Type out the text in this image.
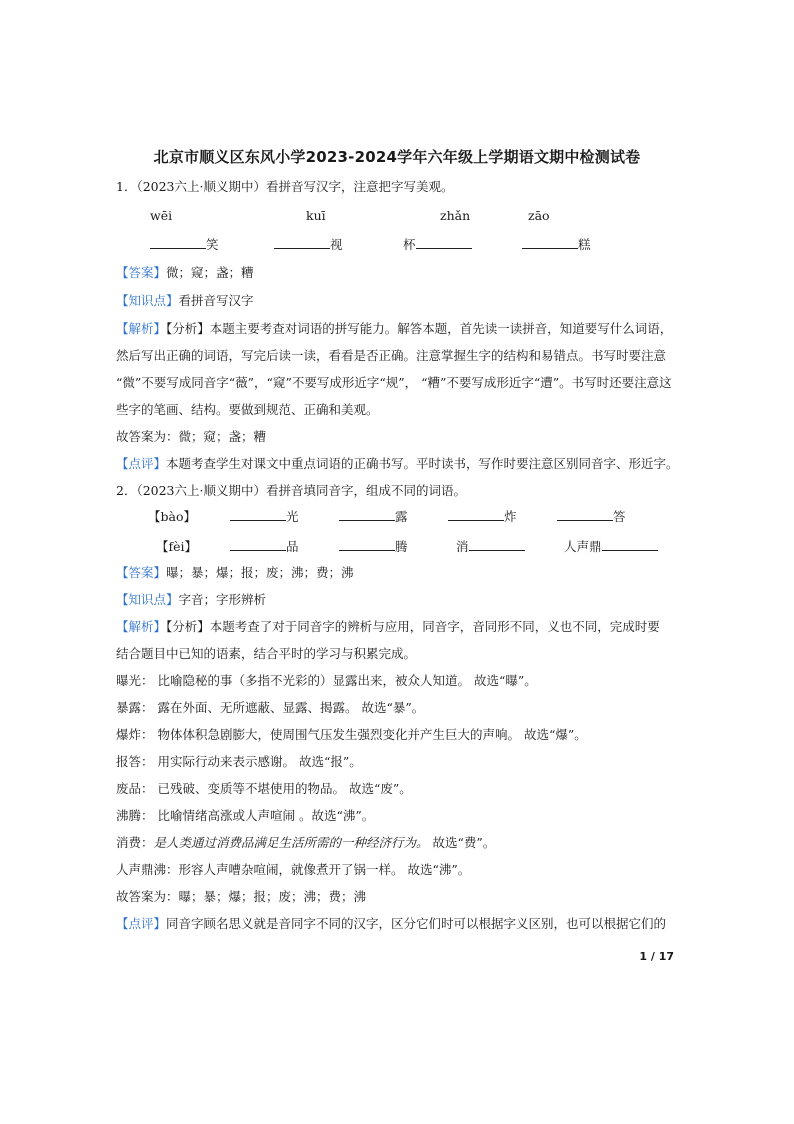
北京市顺义区东风小学2023-2024学年六年级上学期语文期中检测试卷
1．（2023六上·顺义期中）看拼音写汉字，注意把字写美观。
wēi	kuī	zhǎn	zāo
笑	视	杯	糕
【答案】微；窥；盏；糟
【知识点】看拼音写汉字
【解析】【分析】本题主要考查对词语的拼写能力。解答本题，首先读一读拼音，知道要写什么词语，
然后写出正确的词语，写完后读一读，看看是否正确。注意掌握生字的结构和易错点。书写时要注意
“微”不要写成同音字“薇”，“窥”不要写成形近字“规”， “糟”不要写成形近字“遭”。书写时还要注意这
些字的笔画、结构。要做到规范、正确和美观。
故答案为：微；窥；盏；糟
【点评】本题考查学生对课文中重点词语的正确书写。平时读书，写作时要注意区别同音字、形近字。
2．（2023六上·顺义期中）看拼音填同音字，组成不同的词语。
【bào】	光	露	炸	答
【fèi】	品	腾	消	人声鼎
【答案】曝；暴；爆；报；废；沸；费；沸
【知识点】字音；字形辨析
【解析】【分析】本题考查了对于同音字的辨析与应用，同音字，音同形不同，义也不同，完成时要
结合题目中已知的语素，结合平时的学习与积累完成。
曝光： 比喻隐秘的事（多指不光彩的）显露出来，被众人知道。 故选“曝”。
暴露： 露在外面、无所遮蔽、显露、揭露。 故选“暴”。
爆炸： 物体体积急剧膨大，使周围气压发生强烈变化并产生巨大的声响。 故选“爆”。
报答： 用实际行动来表示感谢。 故选“报”。
废品： 已残破、变质等不堪使用的物品。 故选“废”。
沸腾： 比喻情绪高涨或人声喧闹 。故选“沸”。
消费：是人类通过消费品满足生活所需的一种经济行为。 故选“费”。
人声鼎沸：形容人声嘈杂喧闹，就像煮开了锅一样。 故选“沸”。
故答案为：曝；暴；爆；报；废；沸；费；沸
【点评】同音字顾名思义就是音同字不同的汉字，区分它们时可以根据字义区别，也可以根据它们的
1 / 17
